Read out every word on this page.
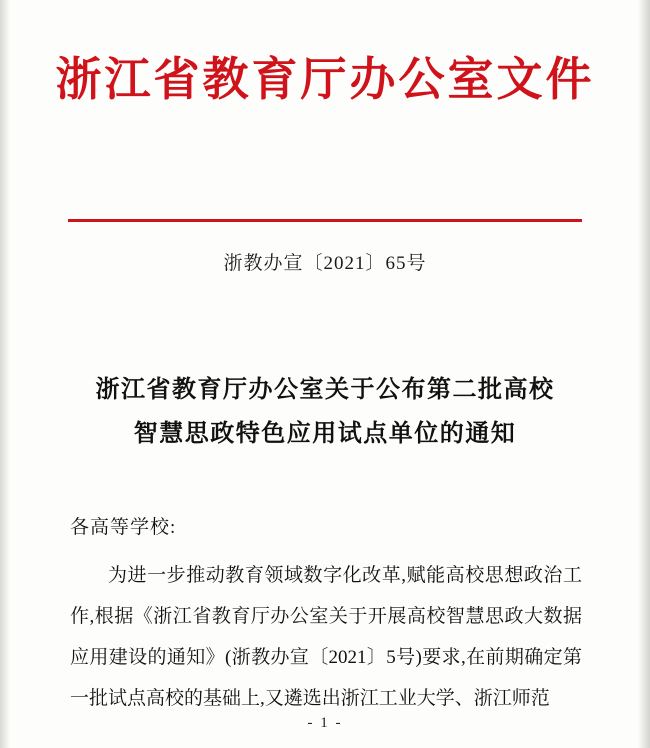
浙江省教育厅办公室文件
浙教办宣〔2021〕65号
浙江省教育厅办公室关于公布第二批高校
智慧思政特色应用试点单位的通知
各高等学校:
为进一步推动教育领域数字化改革,赋能高校思想政治工作,根据《浙江省教育厅办公室关于开展高校智慧思政大数据应用建设的通知》(浙教办宣〔2021〕5号)要求,在前期确定第一批试点高校的基础上,又遴选出浙江工业大学、浙江师范
- 1 -
